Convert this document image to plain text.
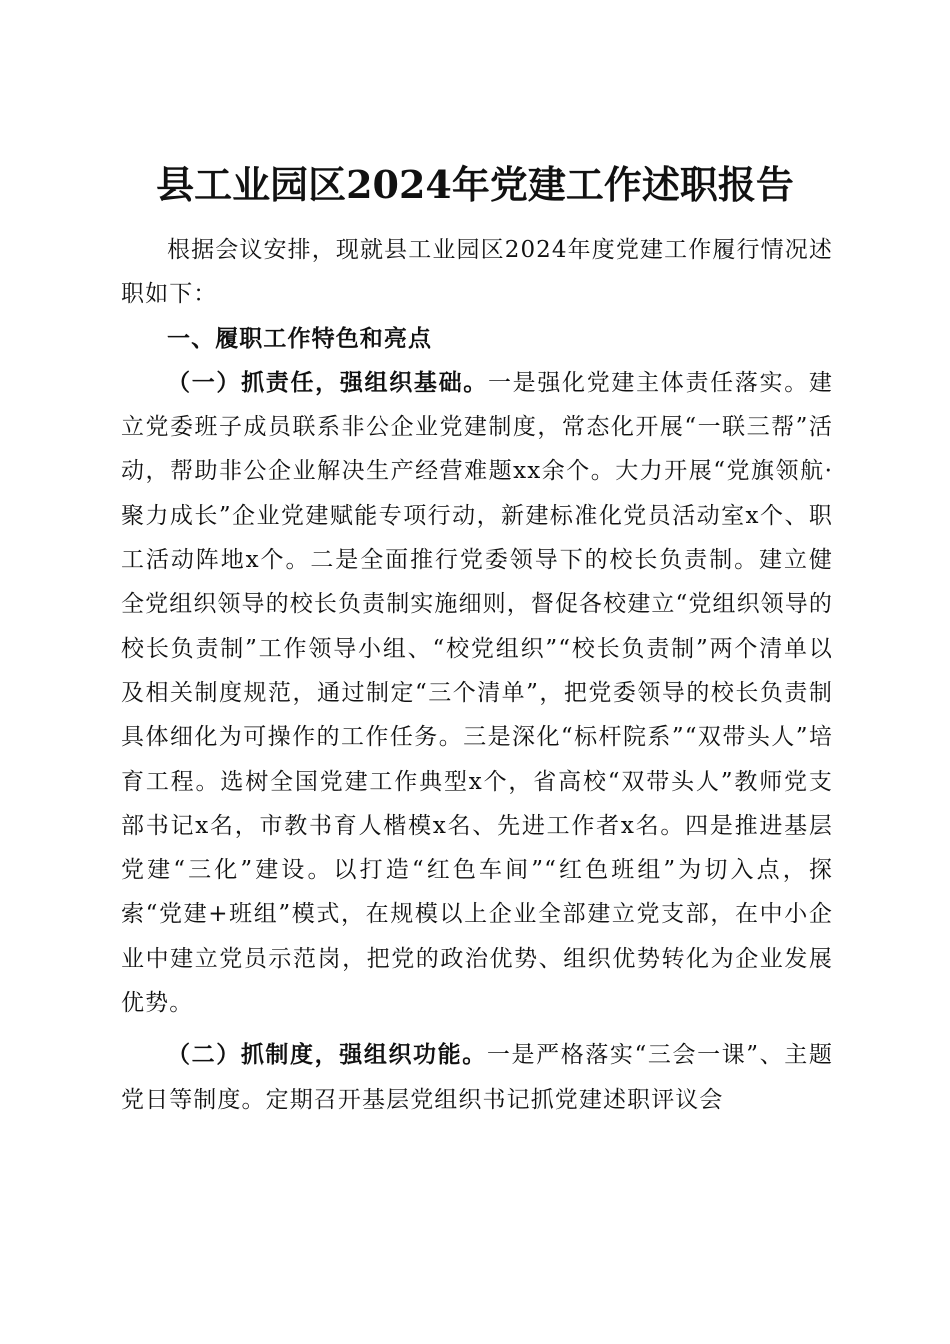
县工业园区2024年党建工作述职报告

根据会议安排，现就县工业园区2024年度党建工作履行情况述职如下：

一、履职工作特色和亮点

（一）抓责任，强组织基础。一是强化党建主体责任落实。建立党委班子成员联系非公企业党建制度，常态化开展“一联三帮”活动，帮助非公企业解决生产经营难题xx余个。大力开展“党旗领航·聚力成长”企业党建赋能专项行动，新建标准化党员活动室x个、职工活动阵地x个。二是全面推行党委领导下的校长负责制。建立健全党组织领导的校长负责制实施细则，督促各校建立“党组织领导的校长负责制”工作领导小组、“校党组织”“校长负责制”两个清单以及相关制度规范，通过制定“三个清单”，把党委领导的校长负责制具体细化为可操作的工作任务。三是深化“标杆院系”“双带头人”培育工程。选树全国党建工作典型x个，省高校“双带头人”教师党支部书记x名，市教书育人楷模x名、先进工作者x名。四是推进基层党建“三化”建设。以打造“红色车间”“红色班组”为切入点，探索“党建+班组”模式，在规模以上企业全部建立党支部，在中小企业中建立党员示范岗，把党的政治优势、组织优势转化为企业发展优势。

（二）抓制度，强组织功能。一是严格落实“三会一课”、主题党日等制度。定期召开基层党组织书记抓党建述职评议会
